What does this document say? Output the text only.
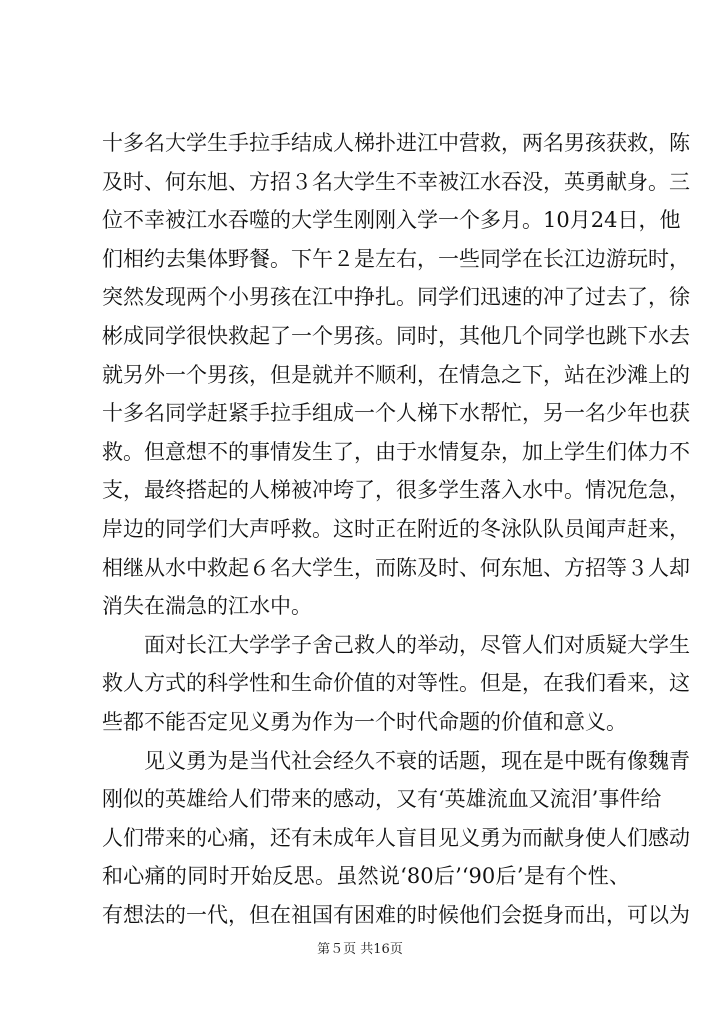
十多名大学生手拉手结成人梯扑进江中营救，两名男孩获救，陈
及时、何东旭、方招３名大学生不幸被江水吞没，英勇献身。三
位不幸被江水吞噬的大学生刚刚入学一个多月。10月24日，他
们相约去集体野餐。下午２是左右，一些同学在长江边游玩时，
突然发现两个小男孩在江中挣扎。同学们迅速的冲了过去了，徐
彬成同学很快救起了一个男孩。同时，其他几个同学也跳下水去
就另外一个男孩，但是就并不顺利，在情急之下，站在沙滩上的
十多名同学赶紧手拉手组成一个人梯下水帮忙，另一名少年也获
救。但意想不的事情发生了，由于水情复杂，加上学生们体力不
支，最终搭起的人梯被冲垮了，很多学生落入水中。情况危急，
岸边的同学们大声呼救。这时正在附近的冬泳队队员闻声赶来，
相继从水中救起６名大学生，而陈及时、何东旭、方招等３人却
消失在湍急的江水中。
面对长江大学学子舍己救人的举动，尽管人们对质疑大学生
救人方式的科学性和生命价值的对等性。但是，在我们看来，这
些都不能否定见义勇为作为一个时代命题的价值和意义。
见义勇为是当代社会经久不衰的话题，现在是中既有像魏青
刚似的英雄给人们带来的感动，又有‘英雄流血又流泪’事件给
人们带来的心痛，还有未成年人盲目见义勇为而献身使人们感动
和心痛的同时开始反思。虽然说‘80后’‘90后’是有个性、
有想法的一代，但在祖国有困难的时候他们会挺身而出，可以为
第５页 共16页
